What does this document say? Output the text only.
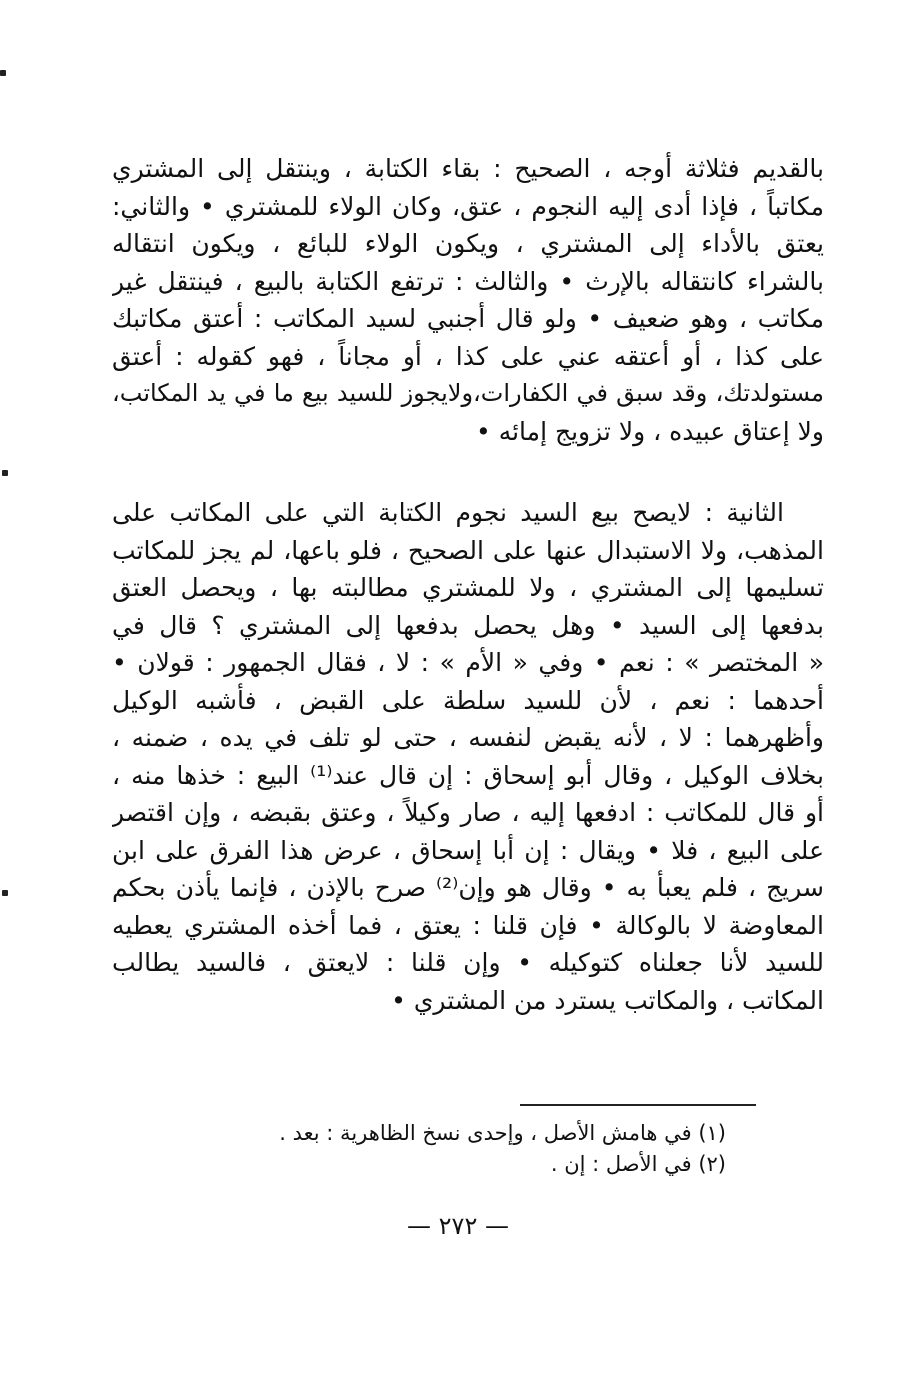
بالقديم فثلاثة أوجه ، الصحيح : بقاء الكتابة ، وينتقل إلى المشتري
مكاتباً ، فإذا أدى إليه النجوم ، عتق، وكان الولاء للمشتري • والثاني:
يعتق بالأداء إلى المشتري ، ويكون الولاء للبائع ، ويكون انتقاله
بالشراء كانتقاله بالإرث • والثالث : ترتفع الكتابة بالبيع ، فينتقل غير
مكاتب ، وهو ضعيف • ولو قال أجنبي لسيد المكاتب : أعتق مكاتبك
على كذا ، أو أعتقه عني على كذا ، أو مجاناً ، فهو كقوله : أعتق
مستولدتك، وقد سبق في الكفارات،ولايجوز للسيد بيع ما في يد المكاتب،
ولا إعتاق عبيده ، ولا تزويج إمائه •
الثانية : لايصح بيع السيد نجوم الكتابة التي على المكاتب على
المذهب، ولا الاستبدال عنها على الصحيح ، فلو باعها، لم يجز للمكاتب
تسليمها إلى المشتري ، ولا للمشتري مطالبته بها ، ويحصل العتق
بدفعها إلى السيد • وهل يحصل بدفعها إلى المشتري ؟ قال في
« المختصر » : نعم • وفي « الأم » : لا ، فقال الجمهور : قولان •
أحدهما : نعم ، لأن للسيد سلطة على القبض ، فأشبه الوكيل
وأظهرهما : لا ، لأنه يقبض لنفسه ، حتى لو تلف في يده ، ضمنه ،
بخلاف الوكيل ، وقال أبو إسحاق : إن قال عند⁽¹⁾ البيع : خذها منه ،
أو قال للمكاتب : ادفعها إليه ، صار وكيلاً ، وعتق بقبضه ، وإن اقتصر
على البيع ، فلا • ويقال : إن أبا إسحاق ، عرض هذا الفرق على ابن
سريج ، فلم يعبأ به • وقال هو وإن⁽²⁾ صرح بالإذن ، فإنما يأذن بحكم
المعاوضة لا بالوكالة • فإن قلنا : يعتق ، فما أخذه المشتري يعطيه
للسيد لأنا جعلناه كتوكيله • وإن قلنا : لايعتق ، فالسيد يطالب
المكاتب ، والمكاتب يسترد من المشتري •
(١) في هامش الأصل ، وإحدى نسخ الظاهرية : بعد .
(٢) في الأصل : إن .
— ٢٧٢ —
